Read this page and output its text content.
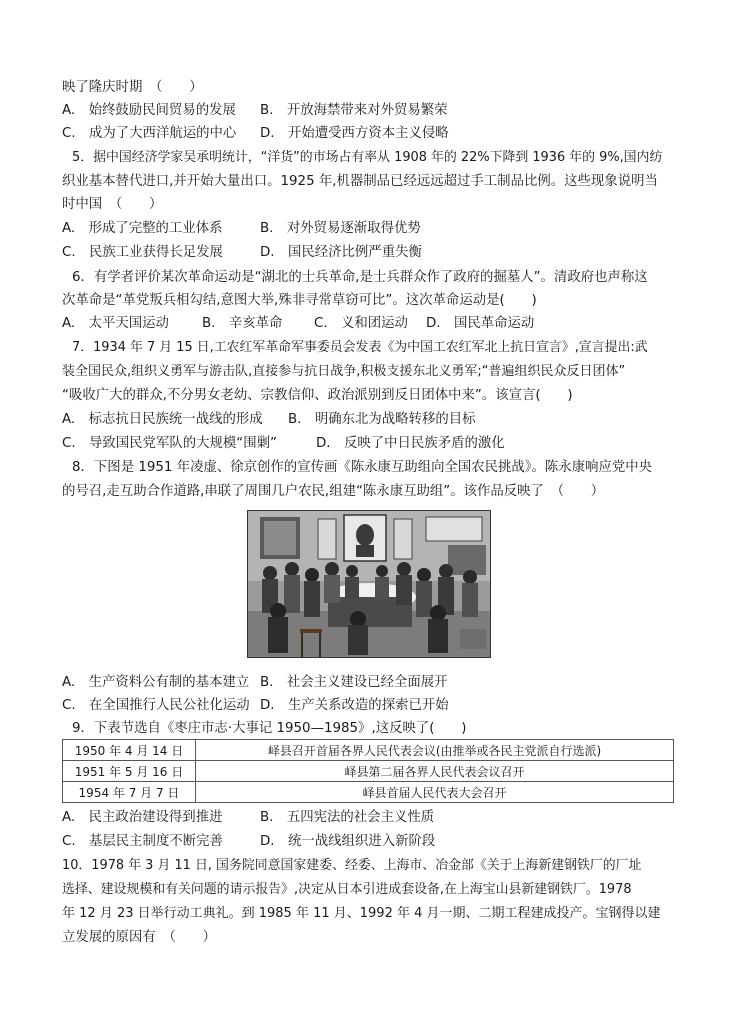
映了隆庆时期　（　　）
A.　 始终鼓励民间贸易的发展 B.　 开放海禁带来对外贸易繁荣
C.　 成为了大西洋航运的中心 D.　 开始遭受西方资本主义侵略
5．据中国经济学家吴承明统计，“洋货”的市场占有率从 1908 年的 22%下降到 1936 年的 9%,国内纺
织业基本替代进口,并开始大量出口。1925 年,机器制品已经远远超过手工制品比例。这些现象说明当
时中国　（　　）
A.　 形成了完整的工业体系	B.　 对外贸易逐渐取得优势
C.　 民族工业获得长足发展	D.　 国民经济比例严重失衡
6．有学者评价某次革命运动是“湖北的士兵革命,是士兵群众作了政府的掘墓人”。清政府也声称这
次革命是“革党叛兵相勾结,意图大举,殊非寻常草窃可比”。这次革命运动是(　　)
A.　 太平天国运动 B.　 辛亥革命 C.　 义和团运动 D.　 国民革命运动
7．1934 年 7 月 15 日,工农红军革命军事委员会发表《为中国工农红军北上抗日宣言》,宣言提出:武
装全国民众,组织义勇军与游击队,直接参与抗日战争,积极支援东北义勇军;“普遍组织民众反日团体”
“吸收广大的群众,不分男女老幼、宗教信仰、政治派别到反日团体中来”。该宣言(　　)
A.　 标志抗日民族统一战线的形成 B.　 明确东北为战略转移的目标
C.　 导致国民党军队的大规模“围剿”	D.　 反映了中日民族矛盾的激化
8．下图是 1951 年凌虚、徐京创作的宣传画《陈永康互助组向全国农民挑战》。陈永康响应党中央
的号召,走互助合作道路,串联了周围几户农民,组建“陈永康互助组”。该作品反映了　（　　）
A.　 生产资料公有制的基本建立 B.　 社会主义建设已经全面展开
C.　 在全国推行人民公社化运动 D.　 生产关系改造的探索已开始
9．下表节选自《枣庄市志·大事记 1950—1985》,这反映了(　　)
1950 年 4 月 14 日	峄县召开首届各界人民代表会议(由推举或各民主党派自行选派)
1951 年 5 月 16 日	峄县第二届各界人民代表会议召开
1954 年 7 月 7 日	峄县首届人民代表大会召开
A.　 民主政治建设得到推进	B.　 五四宪法的社会主义性质
C.　 基层民主制度不断完善	D.　 统一战线组织进入新阶段
10．1978 年 3 月 11 日, 国务院同意国家建委、经委、上海市、冶金部《关于上海新建钢铁厂的厂址
选择、建设规模和有关问题的请示报告》,决定从日本引进成套设备,在上海宝山县新建钢铁厂。1978
年 12 月 23 日举行动工典礼。到 1985 年 11 月、1992 年 4 月一期、二期工程建成投产。宝钢得以建
立发展的原因有　（　　）
